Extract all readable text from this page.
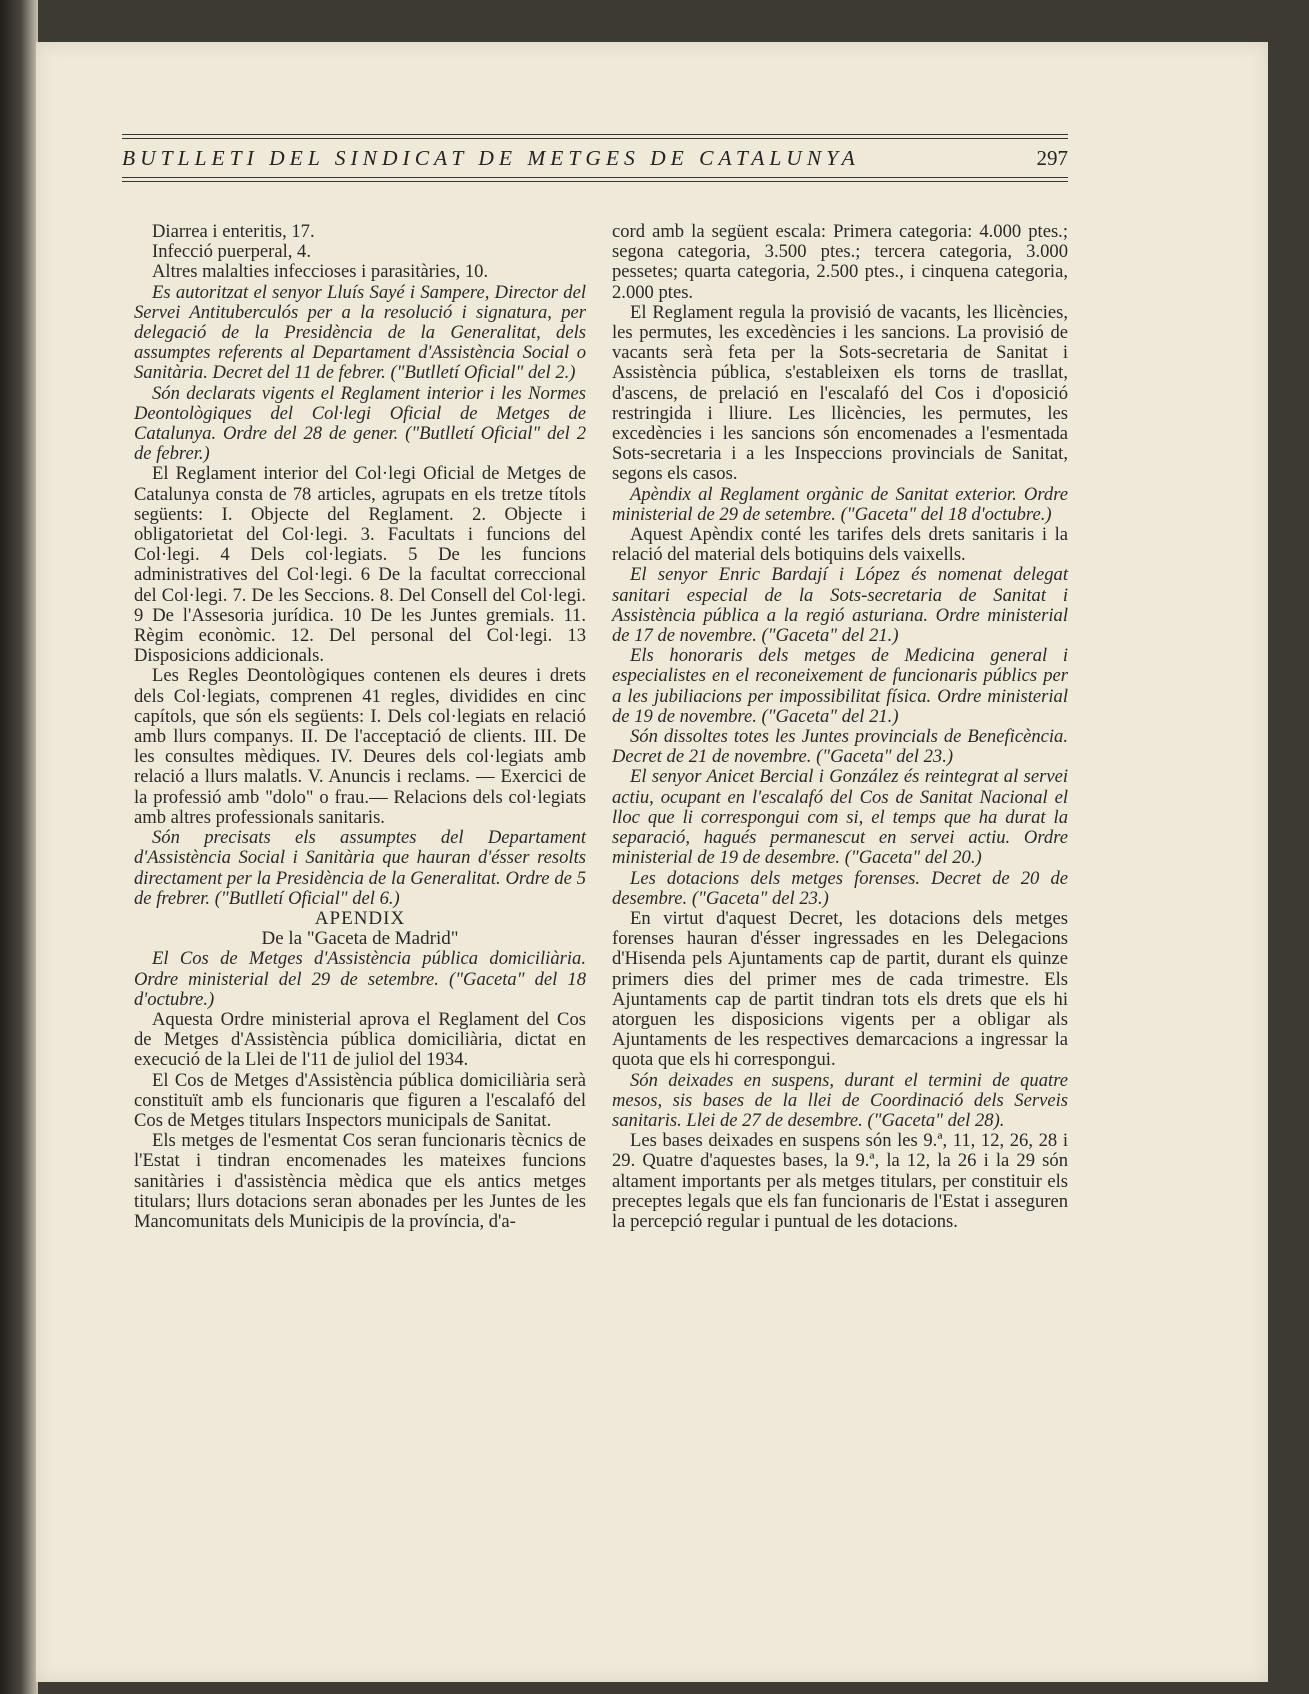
BUTLLETI DEL SINDICAT DE METGES DE CATALUNYA	297

Diarrea i enteritis, 17.

Infecció puerperal, 4.

Altres malalties infeccioses i parasitàries, 10.

Es autoritzat el senyor Lluís Sayé i Sampere, Director del Servei Antituberculós per a la resolució i signatura, per delegació de la Presidència de la Generalitat, dels assumptes referents al Departament d'Assistència Social o Sanitària. Decret del 11 de febrer. ("Butlletí Oficial" del 2.)

Són declarats vigents el Reglament interior i les Normes Deontològiques del Col·legi Oficial de Metges de Catalunya. Ordre del 28 de gener. ("Butlletí Oficial" del 2 de febrer.)

El Reglament interior del Col·legi Oficial de Metges de Catalunya consta de 78 articles, agrupats en els tretze títols següents: I. Objecte del Reglament. 2. Objecte i obligatorietat del Col·legi. 3. Facultats i funcions del Col·legi. 4 Dels col·legiats. 5 De les funcions administratives del Col·legi. 6 De la facultat correccional del Col·legi. 7. De les Seccions. 8. Del Consell del Col·legi. 9 De l'Assesoria jurídica. 10 De les Juntes gremials. 11. Règim econòmic. 12. Del personal del Col·legi. 13 Disposicions addicionals.

Les Regles Deontològiques contenen els deures i drets dels Col·legiats, comprenen 41 regles, dividides en cinc capítols, que són els següents: I. Dels col·legiats en relació amb llurs companys. II. De l'acceptació de clients. III. De les consultes mèdiques. IV. Deures dels col·legiats amb relació a llurs malatls. V. Anuncis i reclams. — Exercici de la professió amb "dolo" o frau.— Relacions dels col·legiats amb altres professionals sanitaris.

Són precisats els assumptes del Departament d'Assistència Social i Sanitària que hauran d'ésser resolts directament per la Presidència de la Generalitat. Ordre de 5 de frebrer. ("Butlletí Oficial" del 6.)

APENDIX

De la "Gaceta de Madrid"

El Cos de Metges d'Assistència pública domiciliària. Ordre ministerial del 29 de setembre. ("Gaceta" del 18 d'octubre.)

Aquesta Ordre ministerial aprova el Reglament del Cos de Metges d'Assistència pública domiciliària, dictat en execució de la Llei de l'11 de juliol del 1934.

El Cos de Metges d'Assistència pública domiciliària serà constituït amb els funcionaris que figuren a l'escalafó del Cos de Metges titulars Inspectors municipals de Sanitat.

Els metges de l'esmentat Cos seran funcionaris tècnics de l'Estat i tindran encomenades les mateixes funcions sanitàries i d'assistència mèdica que els antics metges titulars; llurs dotacions seran abonades per les Juntes de les Mancomunitats dels Municipis de la província, d'a-

cord amb la següent escala: Primera categoria: 4.000 ptes.; segona categoria, 3.500 ptes.; tercera categoria, 3.000 pessetes; quarta categoria, 2.500 ptes., i cinquena categoria, 2.000 ptes.

El Reglament regula la provisió de vacants, les llicències, les permutes, les excedències i les sancions. La provisió de vacants serà feta per la Sots-secretaria de Sanitat i Assistència pública, s'estableixen els torns de trasllat, d'ascens, de prelació en l'escalafó del Cos i d'oposició restringida i lliure. Les llicències, les permutes, les excedències i les sancions són encomenades a l'esmentada Sots-secretaria i a les Inspeccions provincials de Sanitat, segons els casos.

Apèndix al Reglament orgànic de Sanitat exterior. Ordre ministerial de 29 de setembre. ("Gaceta" del 18 d'octubre.)

Aquest Apèndix conté les tarifes dels drets sanitaris i la relació del material dels botiquins dels vaixells.

El senyor Enric Bardají i López és nomenat delegat sanitari especial de la Sots-secretaria de Sanitat i Assistència pública a la regió asturiana. Ordre ministerial de 17 de novembre. ("Gaceta" del 21.)

Els honoraris dels metges de Medicina general i especialistes en el reconeixement de funcionaris públics per a les jubiliacions per impossibilitat física. Ordre ministerial de 19 de novembre. ("Gaceta" del 21.)

Són dissoltes totes les Juntes provincials de Beneficència. Decret de 21 de novembre. ("Gaceta" del 23.)

El senyor Anicet Bercial i González és reintegrat al servei actiu, ocupant en l'escalafó del Cos de Sanitat Nacional el lloc que li correspongui com si, el temps que ha durat la separació, hagués permanescut en servei actiu. Ordre ministerial de 19 de desembre. ("Gaceta" del 20.)

Les dotacions dels metges forenses. Decret de 20 de desembre. ("Gaceta" del 23.)

En virtut d'aquest Decret, les dotacions dels metges forenses hauran d'ésser ingressades en les Delegacions d'Hisenda pels Ajuntaments cap de partit, durant els quinze primers dies del primer mes de cada trimestre. Els Ajuntaments cap de partit tindran tots els drets que els hi atorguen les disposicions vigents per a obligar als Ajuntaments de les respectives demarcacions a ingressar la quota que els hi correspongui.

Són deixades en suspens, durant el termini de quatre mesos, sis bases de la llei de Coordinació dels Serveis sanitaris. Llei de 27 de desembre. ("Gaceta" del 28).

Les bases deixades en suspens són les 9.ª, 11, 12, 26, 28 i 29. Quatre d'aquestes bases, la 9.ª, la 12, la 26 i la 29 són altament importants per als metges titulars, per constituir els preceptes legals que els fan funcionaris de l'Estat i asseguren la percepció regular i puntual de les dotacions.
